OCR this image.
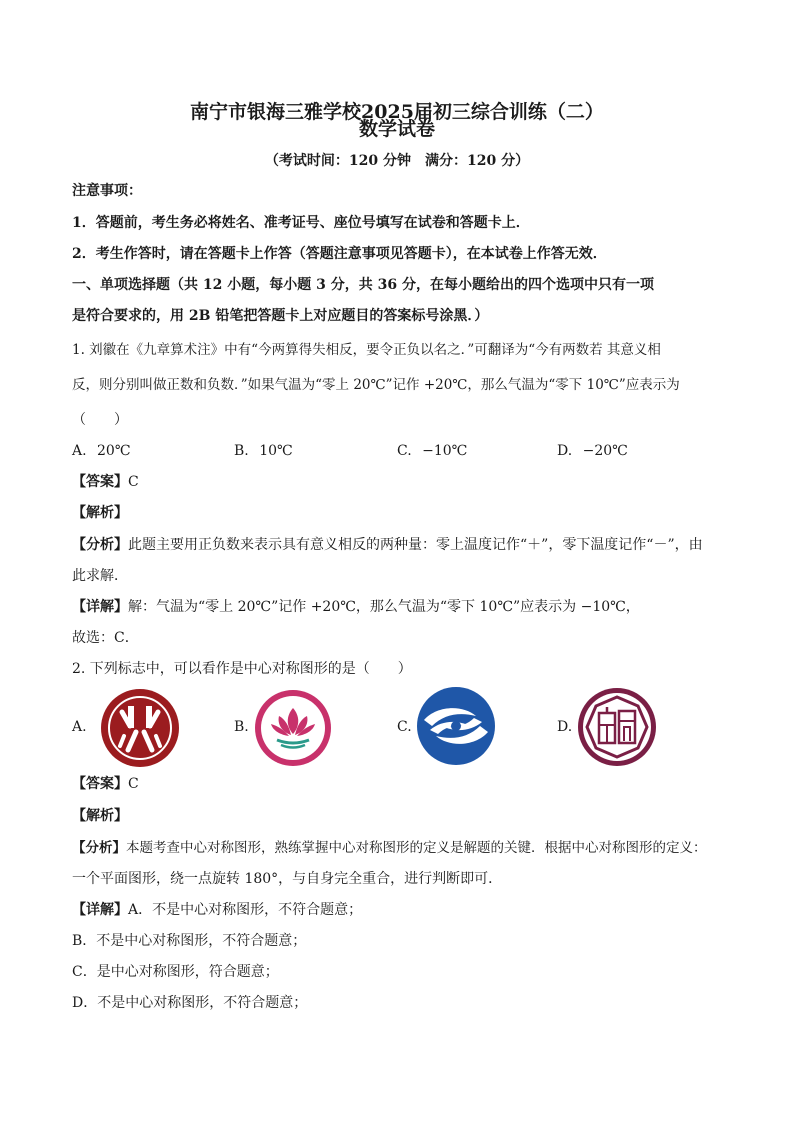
南宁市银海三雅学校2025届初三综合训练（二）
数学试卷
（考试时间：120 分钟　满分：120 分）
注意事项：
1．答题前，考生务必将姓名、准考证号、座位号填写在试卷和答题卡上．
2．考生作答时，请在答题卡上作答（答题注意事项见答题卡），在本试卷上作答无效．
一、单项选择题（共 12 小题，每小题 3 分，共 36 分，在每小题给出的四个选项中只有一项
是符合要求的，用 2B 铅笔把答题卡上对应题目的答案标号涂黑．）
1. 刘徽在《九章算术注》中有“今两算得失相反，要令正负以名之．”可翻译为“今有两数若 其意义相
反，则分别叫做正数和负数．”如果气温为“零上 20℃”记作 +20℃，那么气温为“零下 10℃”应表示为
（　　）
A. 20℃	B. 10℃	C. −10℃	D. −20℃
【答案】C
【解析】
【分析】此题主要用正负数来表示具有意义相反的两种量：零上温度记作“＋”，零下温度记作“－”，由
此求解．
【详解】解：气温为“零上 20℃”记作 +20℃，那么气温为“零下 10℃”应表示为 −10℃，
故选：C．
2. 下列标志中，可以看作是中心对称图形的是（　　）
A.	B.	C.	D.
【答案】C
【解析】
【分析】本题考查中心对称图形，熟练掌握中心对称图形的定义是解题的关键．根据中心对称图形的定义：
一个平面图形，绕一点旋转 180°，与自身完全重合，进行判断即可．
【详解】A．不是中心对称图形，不符合题意；
B．不是中心对称图形，不符合题意；
C．是中心对称图形，符合题意；
D．不是中心对称图形，不符合题意；
